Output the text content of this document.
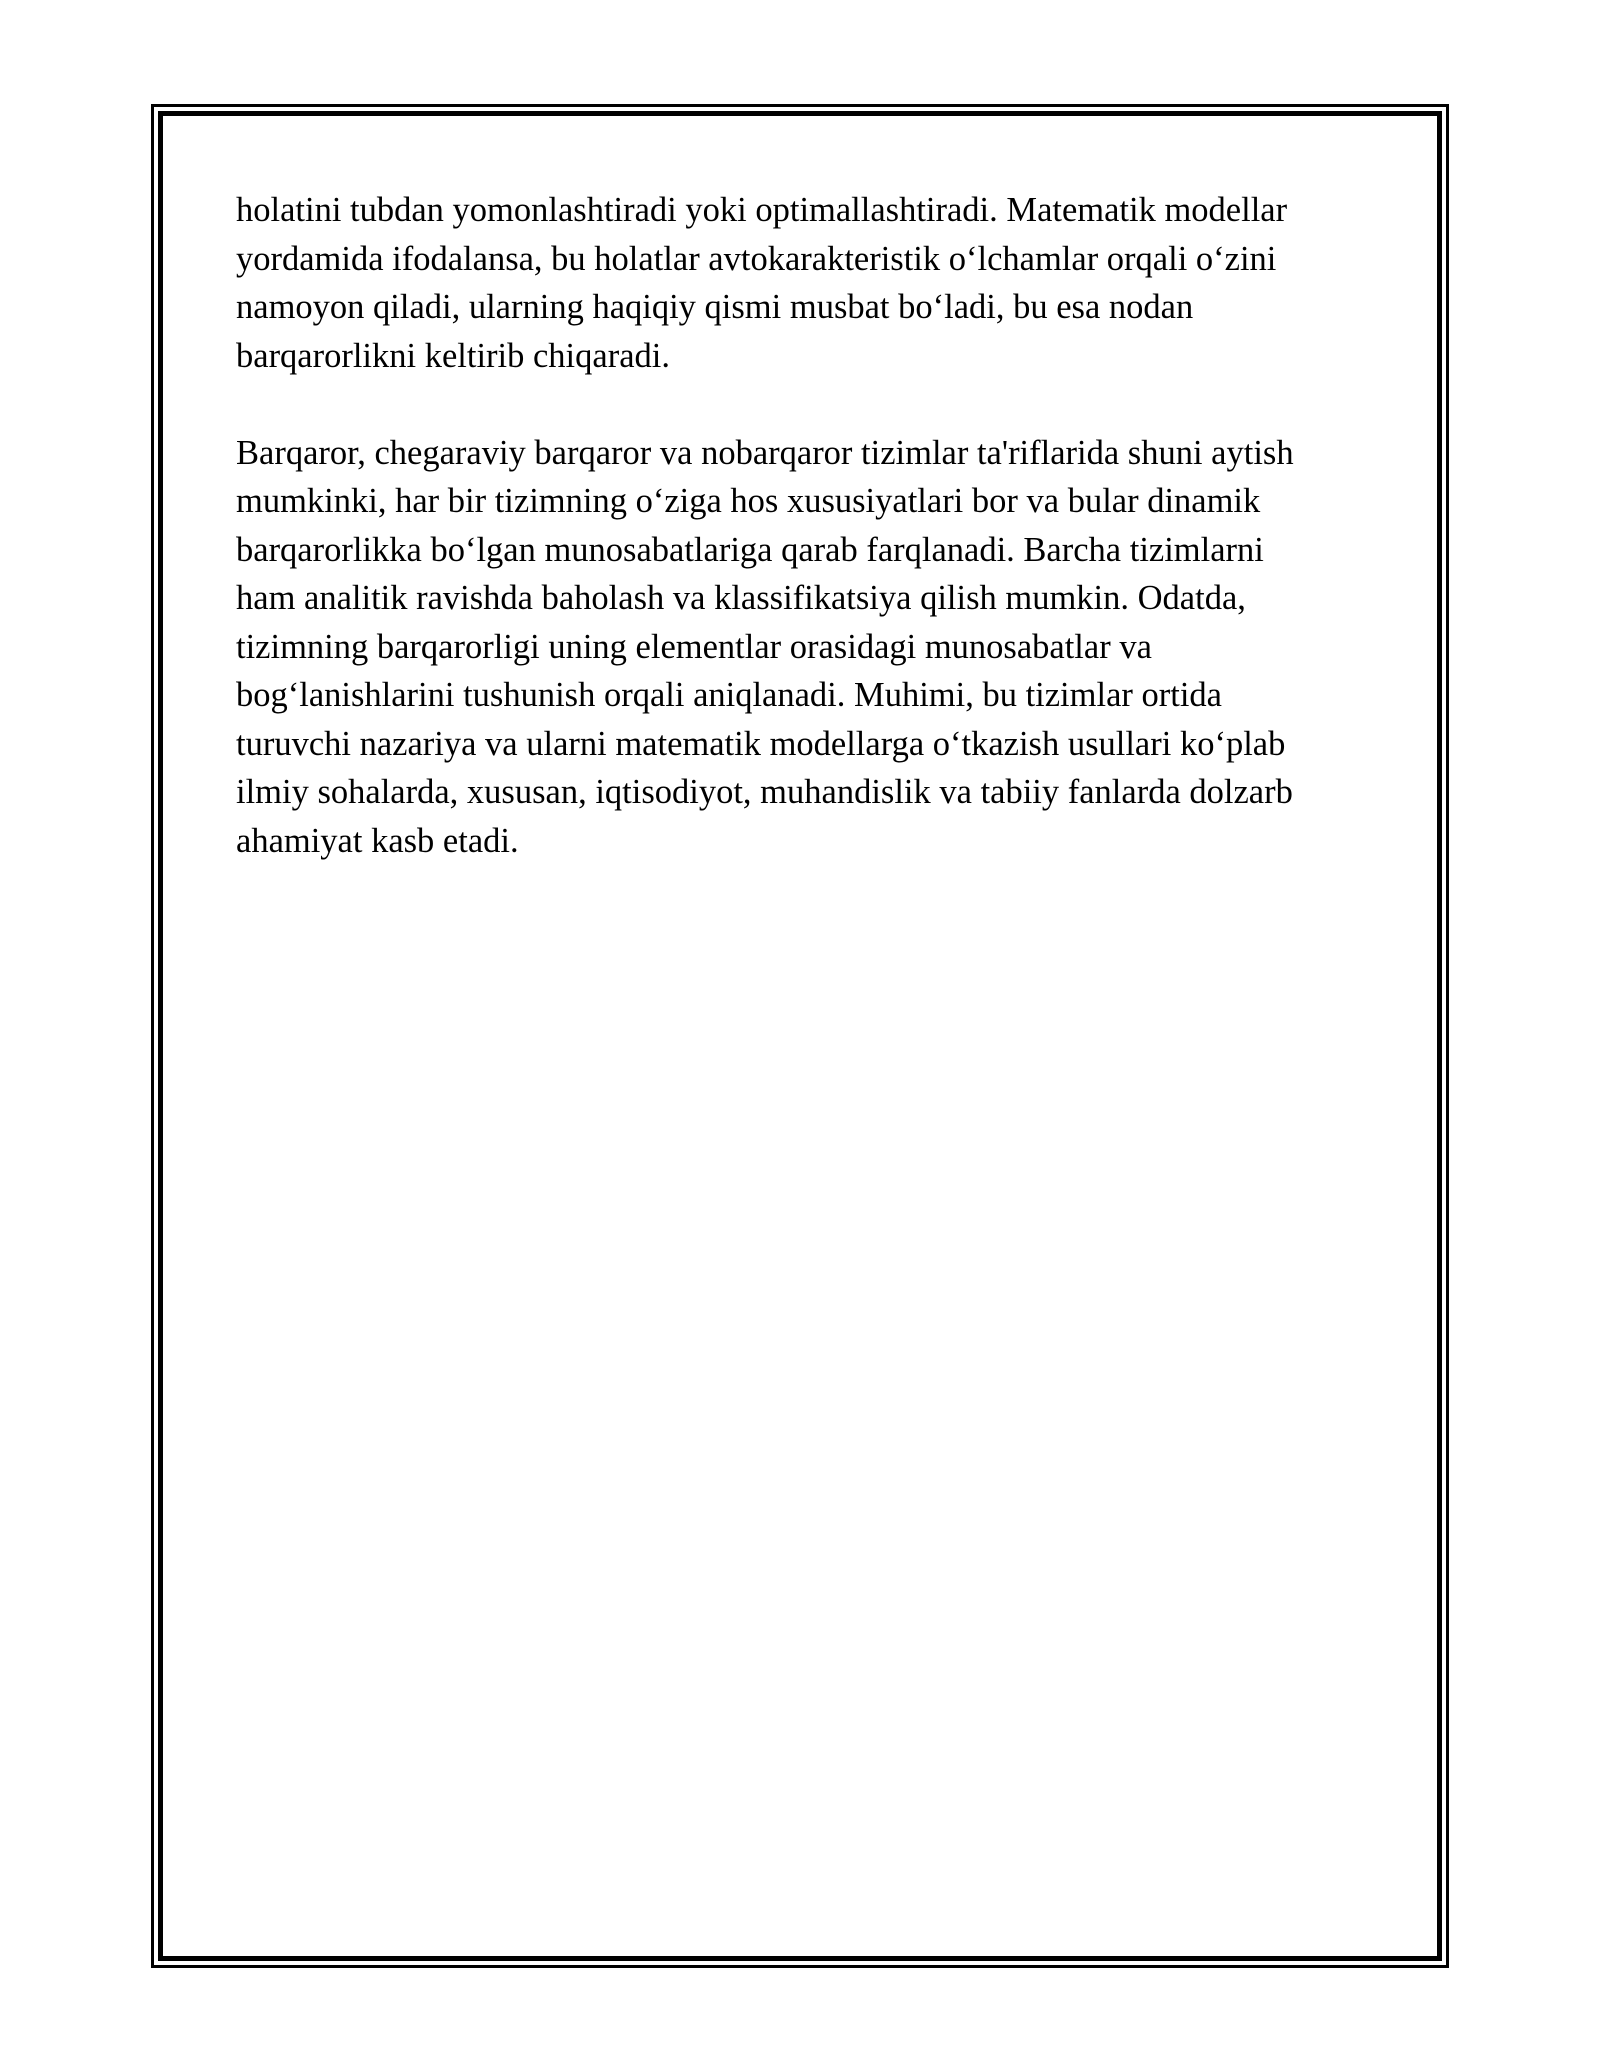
holatini tubdan yomonlashtiradi yoki optimallashtiradi. Matematik modellar
yordamida ifodalansa, bu holatlar avtokarakteristik o‘lchamlar orqali o‘zini
namoyon qiladi, ularning haqiqiy qismi musbat bo‘ladi, bu esa nodan
barqarorlikni keltirib chiqaradi.

Barqaror, chegaraviy barqaror va nobarqaror tizimlar ta'riflarida shuni aytish
mumkinki, har bir tizimning o‘ziga hos xususiyatlari bor va bular dinamik
barqarorlikka bo‘lgan munosabatlariga qarab farqlanadi. Barcha tizimlarni
ham analitik ravishda baholash va klassifikatsiya qilish mumkin. Odatda,
tizimning barqarorligi uning elementlar orasidagi munosabatlar va
bog‘lanishlarini tushunish orqali aniqlanadi. Muhimi, bu tizimlar ortida
turuvchi nazariya va ularni matematik modellarga o‘tkazish usullari ko‘plab
ilmiy sohalarda, xususan, iqtisodiyot, muhandislik va tabiiy fanlarda dolzarb
ahamiyat kasb etadi.
